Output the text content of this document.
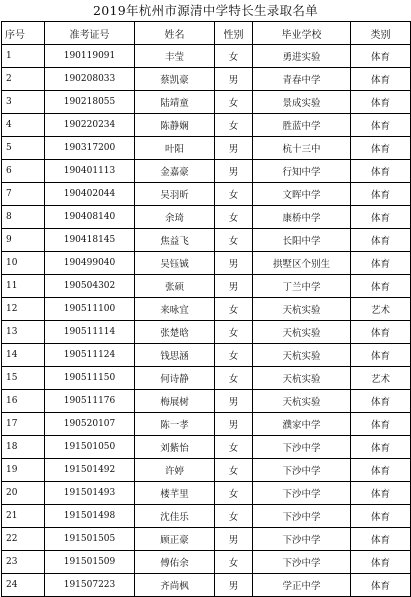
2019年杭州市源清中学特长生录取名单
序号	准考证号	姓名	性别	毕业学校	类别
1	190119091	丰莹	女	勇进实验	体育
2	190208033	蔡凯豪	男	青春中学	体育
3	190218055	陆靖童	女	景成实验	体育
4	190220234	陈静娴	女	胜蓝中学	体育
5	190317200	叶阳	男	杭十三中	体育
6	190401113	金嘉豪	男	行知中学	体育
7	190402044	吴羽昕	女	文晖中学	体育
8	190408140	余琦	女	康桥中学	体育
9	190418145	焦益飞	女	长阳中学	体育
10	190499040	吴钰铖	男	拱墅区个别生	体育
11	190504302	张硕	男	丁兰中学	体育
12	190511100	来咏宜	女	天杭实验	艺术
13	190511114	张楚晗	女	天杭实验	体育
14	190511124	钱思涵	女	天杭实验	体育
15	190511150	何诗静	女	天杭实验	艺术
16	190511176	梅展树	男	天杭实验	体育
17	190520107	陈一孝	男	濮家中学	体育
18	191501050	刘紫怡	女	下沙中学	体育
19	191501492	许婷	女	下沙中学	体育
20	191501493	楼芊里	女	下沙中学	体育
21	191501498	沈佳乐	女	下沙中学	体育
22	191501505	顾正豪	男	下沙中学	体育
23	191501509	傅佑余	女	下沙中学	体育
24	191507223	齐尚枫	男	学正中学	体育
